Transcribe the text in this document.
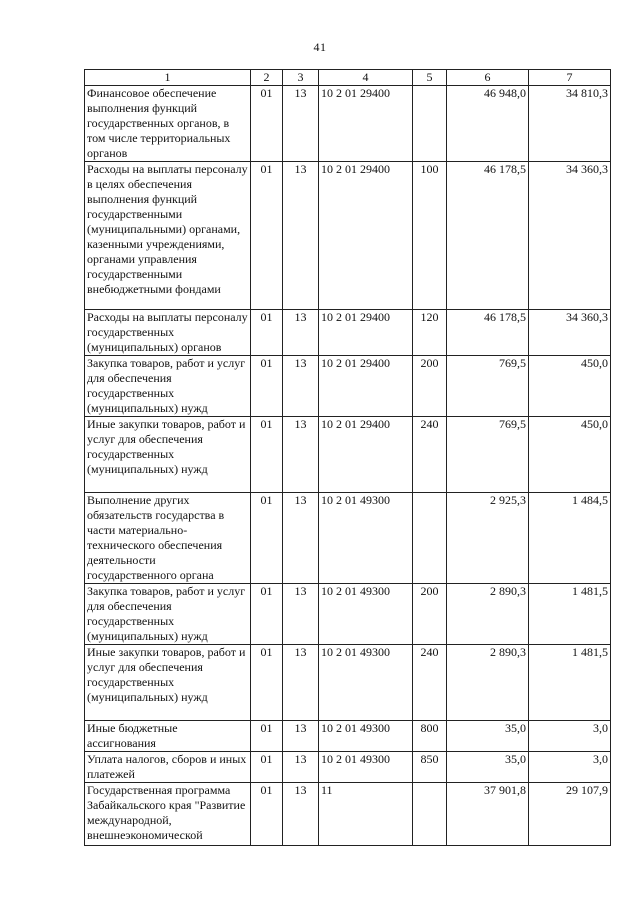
41
1	2	3	4	5	6	7
Финансовое обеспечение выполнения функций государственных органов, в том числе территориальных органов	01	13	10 2 01 29400		46 948,0	34 810,3
Расходы на выплаты персоналу в целях обеспечения выполнения функций государственными (муниципальными) органами, казенными учреждениями, органами управления государственными внебюджетными фондами	01	13	10 2 01 29400	100	46 178,5	34 360,3
Расходы на выплаты персоналу государственных (муниципальных) органов	01	13	10 2 01 29400	120	46 178,5	34 360,3
Закупка товаров, работ и услуг для обеспечения государственных (муниципальных) нужд	01	13	10 2 01 29400	200	769,5	450,0
Иные закупки товаров, работ и услуг для обеспечения государственных (муниципальных) нужд	01	13	10 2 01 29400	240	769,5	450,0
Выполнение других обязательств государства в части материально-технического обеспечения деятельности государственного органа	01	13	10 2 01 49300		2 925,3	1 484,5
Закупка товаров, работ и услуг для обеспечения государственных (муниципальных) нужд	01	13	10 2 01 49300	200	2 890,3	1 481,5
Иные закупки товаров, работ и услуг для обеспечения государственных (муниципальных) нужд	01	13	10 2 01 49300	240	2 890,3	1 481,5
Иные бюджетные ассигнования	01	13	10 2 01 49300	800	35,0	3,0
Уплата налогов, сборов и иных платежей	01	13	10 2 01 49300	850	35,0	3,0
Государственная программа Забайкальского края "Развитие международной, внешнеэкономической	01	13	11		37 901,8	29 107,9
